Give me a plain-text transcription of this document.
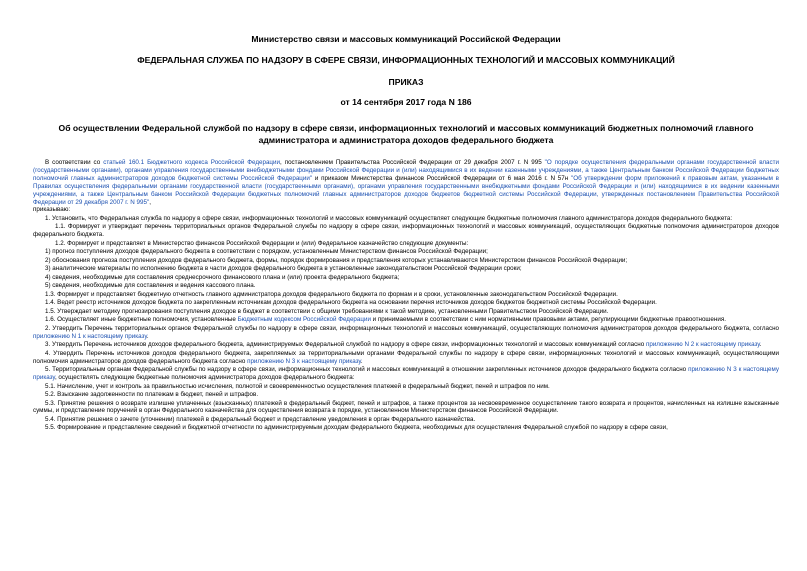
Министерство связи и массовых коммуникаций Российской Федерации
ФЕДЕРАЛЬНАЯ СЛУЖБА ПО НАДЗОРУ В СФЕРЕ СВЯЗИ, ИНФОРМАЦИОННЫХ ТЕХНОЛОГИЙ И МАССОВЫХ КОММУНИКАЦИЙ
ПРИКАЗ
от 14 сентября 2017 года N 186
Об осуществлении Федеральной службой по надзору в сфере связи, информационных технологий и массовых коммуникаций бюджетных полномочий главного администратора и администратора доходов федерального бюджета

В соответствии со статьей 160.1 Бюджетного кодекса Российской Федерации, постановлением Правительства Российской Федерации от 29 декабря 2007 г. N 995 "О порядке осуществления федеральными органами государственной власти (государственными органами), органами управления государственными внебюджетными фондами Российской Федерации и (или) находящимися в их ведении казенными учреждениями, а также Центральным банком Российской Федерации бюджетных полномочий главных администраторов доходов бюджетной системы Российской Федерации" и приказом Министерства финансов Российской Федерации от 6 мая 2016 г. N 57н "Об утверждении форм приложений к правовым актам, указанным в Правилах осуществления федеральными органами государственной власти (государственными органами), органами управления государственными внебюджетными фондами Российской Федерации и (или) находящимися в их ведении казенными учреждениями, а также Центральным банком Российской Федерации бюджетных полномочий главных администраторов доходов бюджетов бюджетной системы Российской Федерации, утвержденных постановлением Правительства Российской Федерации от 29 декабря 2007 г. N 995",

приказываю:

1. Установить, что Федеральная служба по надзору в сфере связи, информационных технологий и массовых коммуникаций осуществляет следующие бюджетные полномочия главного администратора доходов федерального бюджета:

1.1. Формирует и утверждает перечень территориальных органов Федеральной службы по надзору в сфере связи, информационных технологий и массовых коммуникаций, осуществляющих бюджетные полномочия администраторов доходов федерального бюджета.

1.2. Формирует и представляет в Министерство финансов Российской Федерации и (или) Федеральное казначейство следующие документы:

1) прогноз поступления доходов федерального бюджета в соответствии с порядком, установленным Министерством финансов Российской Федерации;

2) обоснования прогноза поступления доходов федерального бюджета, формы, порядок формирования и представления которых устанавливаются Министерством финансов Российской Федерации;

3) аналитические материалы по исполнению бюджета в части доходов федерального бюджета в установленные законодательством Российской Федерации сроки;

4) сведения, необходимые для составления среднесрочного финансового плана и (или) проекта федерального бюджета;

5) сведения, необходимые для составления и ведения кассового плана.

1.3. Формирует и представляет бюджетную отчетность главного администратора доходов федерального бюджета по формам и в сроки, установленные законодательством Российской Федерации.

1.4. Ведет реестр источников доходов бюджета по закрепленным источникам доходов федерального бюджета на основании перечня источников доходов бюджетов бюджетной системы Российской Федерации.

1.5. Утверждает методику прогнозирования поступления доходов в бюджет в соответствии с общими требованиями к такой методике, установленными Правительством Российской Федерации.

1.6. Осуществляет иные бюджетные полномочия, установленные Бюджетным кодексом Российской Федерации и принимаемыми в соответствии с ним нормативными правовыми актами, регулирующими бюджетные правоотношения.

2. Утвердить Перечень территориальных органов Федеральной службы по надзору в сфере связи, информационных технологий и массовых коммуникаций, осуществляющих полномочия администраторов доходов федерального бюджета, согласно приложению N 1 к настоящему приказу.

3. Утвердить Перечень источников доходов федерального бюджета, администрируемых Федеральной службой по надзору в сфере связи, информационных технологий и массовых коммуникаций согласно приложению N 2 к настоящему приказу.

4. Утвердить Перечень источников доходов федерального бюджета, закрепляемых за территориальными органами Федеральной службы по надзору в сфере связи, информационных технологий и массовых коммуникаций, осуществляющими полномочия администраторов доходов федерального бюджета согласно приложению N 3 к настоящему приказу.

5. Территориальным органам Федеральной службы по надзору в сфере связи, информационных технологий и массовых коммуникаций в отношении закрепленных источников доходов федерального бюджета согласно приложению N 3 к настоящему приказу, осуществлять следующие бюджетные полномочия администратора доходов федерального бюджета:

5.1. Начисление, учет и контроль за правильностью исчисления, полнотой и своевременностью осуществления платежей в федеральный бюджет, пеней и штрафов по ним.

5.2. Взыскание задолженности по платежам в бюджет, пеней и штрафов.

5.3. Принятие решения о возврате излишне уплаченных (взысканных) платежей в федеральный бюджет, пеней и штрафов, а также процентов за несвоевременное осуществление такого возврата и процентов, начисленных на излишне взысканные суммы, и представление поручений в орган Федерального казначейства для осуществления возврата в порядке, установленном Министерством финансов Российской Федерации.

5.4. Принятие решения о зачете (уточнении) платежей в федеральный бюджет и представление уведомления в орган Федерального казначейства.

5.5. Формирование и представление сведений и бюджетной отчетности по администрируемым доходам федерального бюджета, необходимых для осуществления Федеральной службой по надзору в сфере связи,
